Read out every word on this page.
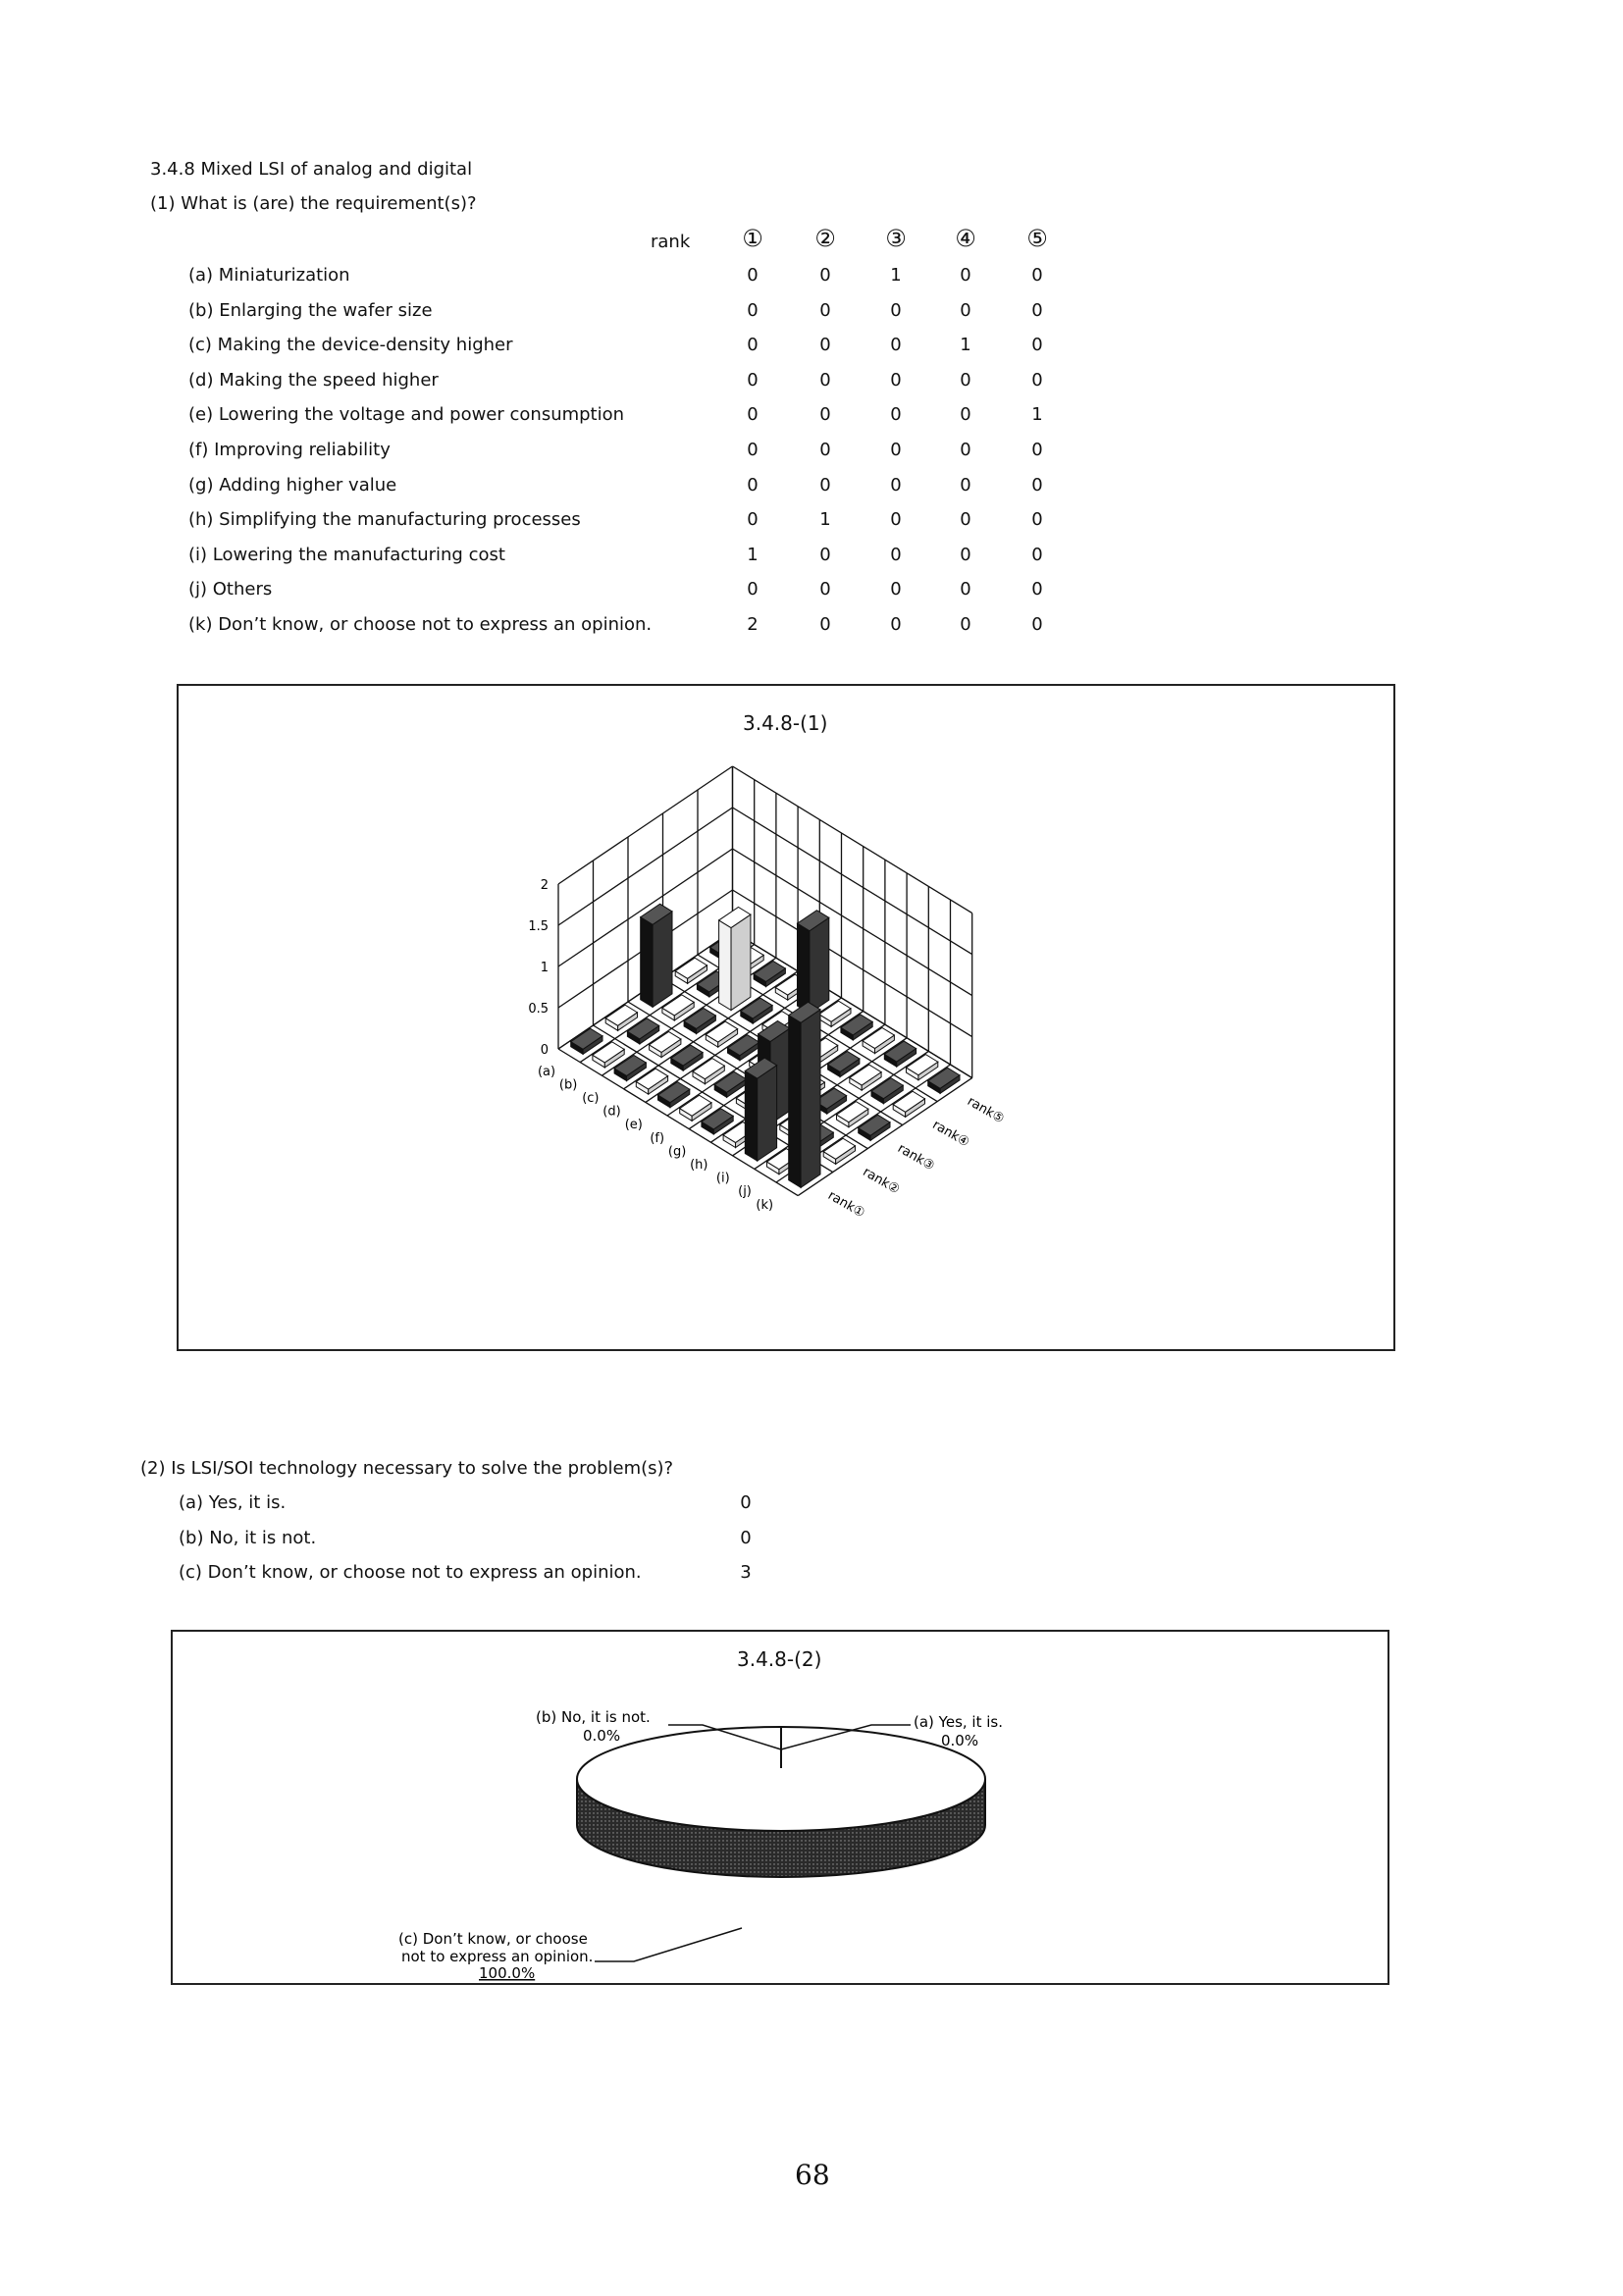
3.4.8 Mixed LSI of analog and digital
(1) What is (are) the requirement(s)?
rank	①	②	③	④	⑤
(a) Miniaturization	0	0	1	0	0
(b) Enlarging the wafer size	0	0	0	0	0
(c) Making the device-density higher	0	0	0	1	0
(d) Making the speed higher	0	0	0	0	0
(e) Lowering the voltage and power consumption	0	0	0	0	1
(f) Improving reliability	0	0	0	0	0
(g) Adding higher value	0	0	0	0	0
(h) Simplifying the manufacturing processes	0	1	0	0	0
(i) Lowering the manufacturing cost	1	0	0	0	0
(j) Others	0	0	0	0	0
(k) Don’t know, or choose not to express an opinion.	2	0	0	0	0
3.4.8-(1)
0
0.5
1
1.5
2
(a)
(b)
(c)
(d)
(e)
(f)
(g)
(h)
(i)
(j)
(k)	rank①
rank②
rank③
rank④
rank⑤
(2) Is LSI/SOI technology necessary to solve the problem(s)?
(a) Yes, it is.	0
(b) No, it is not.	0
(c) Don’t know, or choose not to express an opinion.	3
3.4.8-(2)
(b) No, it is not.
0.0%
(a) Yes, it is.
0.0%
(c) Don’t know, or choose
not to express an opinion.
100.0%
68
